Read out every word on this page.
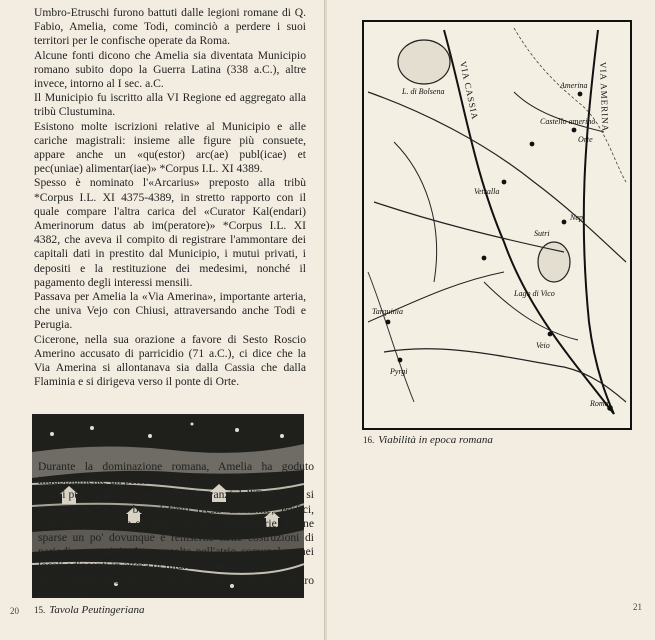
Umbro-Etruschi furono battuti dalle legioni romane di Q. Fabio, Amelia, come Todi, cominciò a perdere i suoi territori per le confische operate da Roma.

Alcune fonti dicono che Amelia sia diventata Municipio romano subito dopo la Guerra Latina (338 a.C.), altre invece, intorno al I sec. a.C.

Il Municipio fu iscritto alla VI Regione ed aggregato alla tribù Clustumina.

Esistono molte iscrizioni relative al Municipio e alle cariche magistrali: insieme alle figure più consuete, appare anche un «qu(estor) arc(ae) publ(icae) et pec(uniae) alimentar(iae)» *Corpus I.L. XI 4389.

Spesso è nominato l'«Arcarius» preposto alla tribù *Corpus I.L. XI 4375-4389, in stretto rapporto con il quale compare l'altra carica del «Curator Kal(endari) Amerinorum datus ab im(peratore)» *Corpus I.L. XI 4382, che aveva il compito di registrare l'ammontare dei capitali dati in prestito dal Municipio, i mutui privati, i depositi e la restituzione dei medesimi, nonché il pagamento degli interessi mensili.

Passava per Amelia la «Via Amerina», importante arteria, che univa Vejo con Chiusi, attraversando anche Todi e Perugia.

Cicerone, nella sua orazione a favore di Sesto Roscio Amerino accusato di parricidio (71 a.C.), ci dice che la Via Amerina si allontanava sia dalla Cassia che dalla Flaminia e si dirigeva verso il ponte di Orte.

15. Tavola Peutingeriana
20
L. di Bolsena
Amerina
Castello amerino
Orte
Vetralla
Lago di Vico
Sutri
Nepi
Veio
Roma
Tarquinia
Pyrgi
VIA CASSIA	VIA AMERINA
16. Viabilità in epoca romana

Durante la dominazione romana, Amelia ha goduto indubbiamente un periodo di magnificenza.

Ciò si può facilmente arguire dagli avanzi dell'Epoca che si trovano in nuclei ben definiti (resti di terme, edifici, cisterne, ecc.) ed in eloquenti forme frammentarie, alcune sparse un po' dovunque e reinserite nelle costruzioni di periodi successivi, altre raccolte nell'atrio comunale e nei locali adiacenti in attesa di futura sistemazione.

Ne esamineremo diverse nello svolgimento del nostro itinerario.

21
